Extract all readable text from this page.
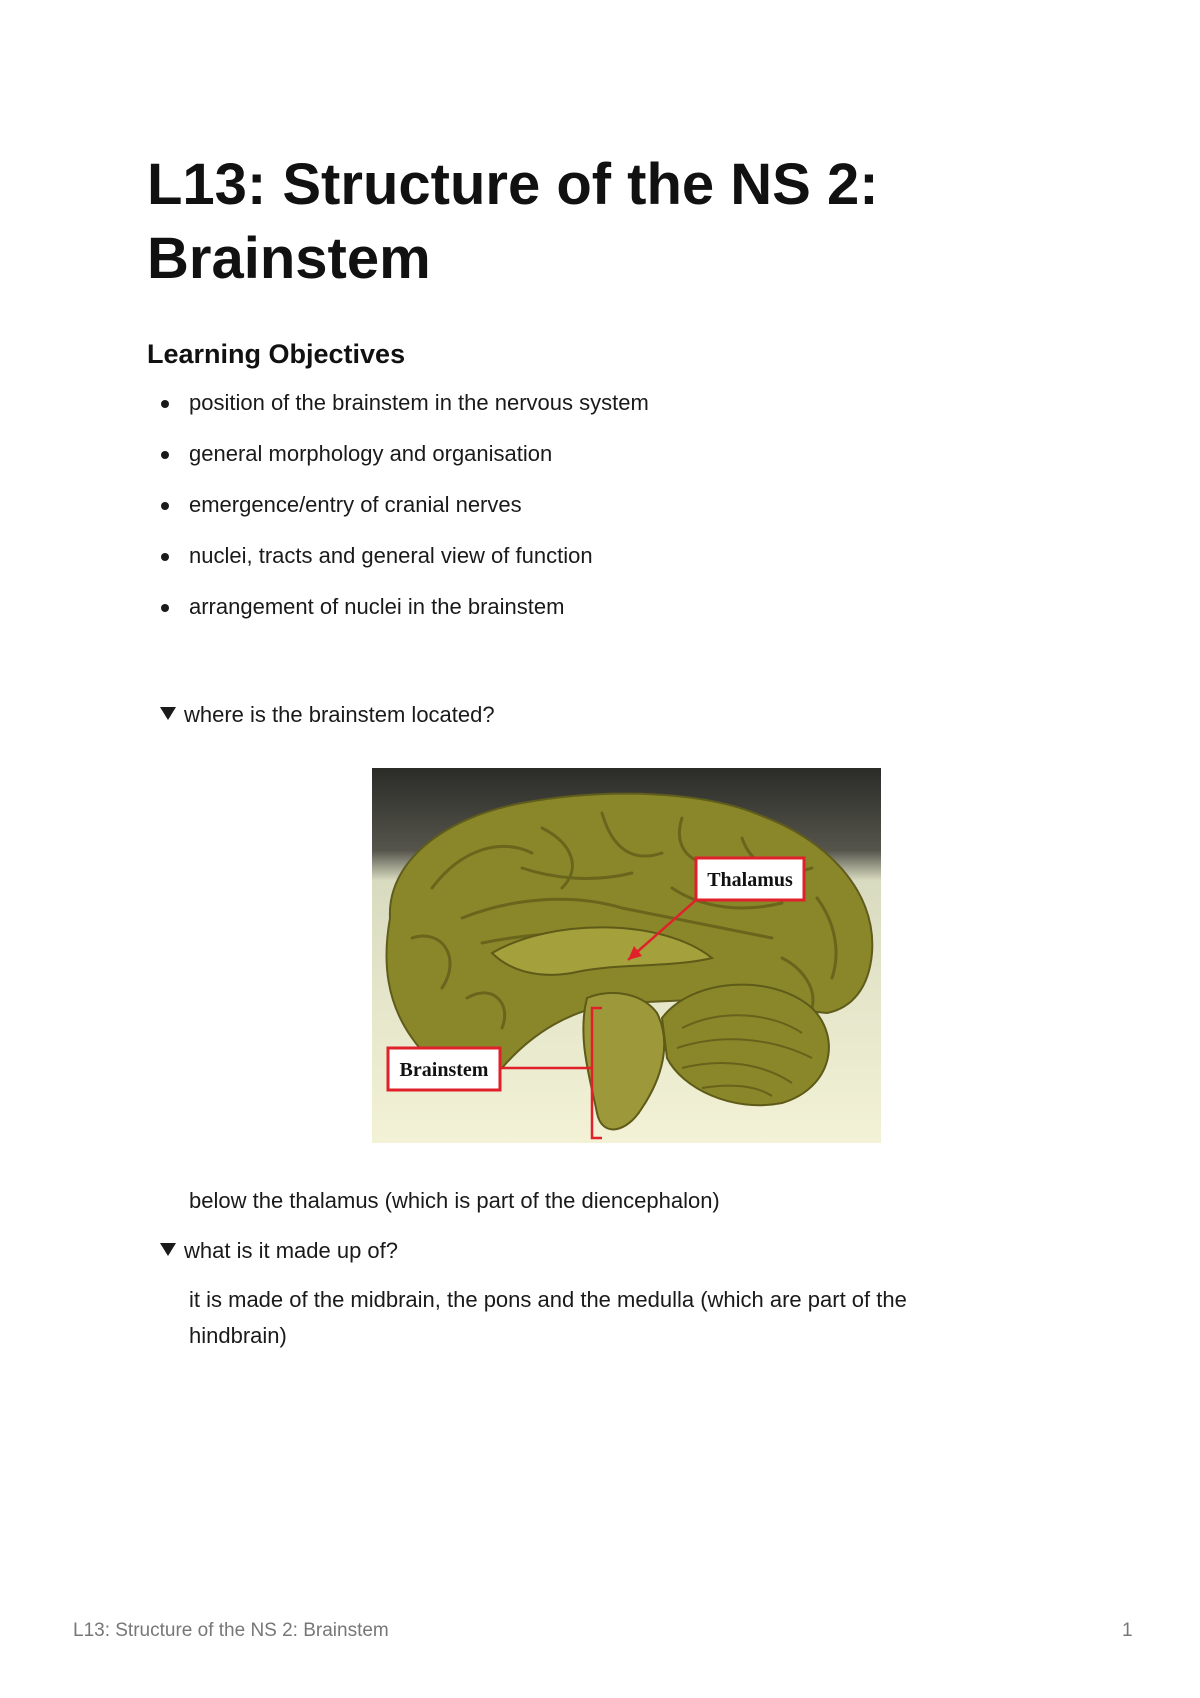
L13: Structure of the NS 2: Brainstem
Learning Objectives
position of the brainstem in the nervous system
general morphology and organisation
emergence/entry of cranial nerves
nuclei, tracts and general view of function
arrangement of nuclei in the brainstem
where is the brainstem located?
Thalamus
Brainstem

below the thalamus (which is part of the diencephalon)

what is it made up of?

it is made of the midbrain, the pons and the medulla (which are part of the hindbrain)

L13: Structure of the NS 2: Brainstem	1
